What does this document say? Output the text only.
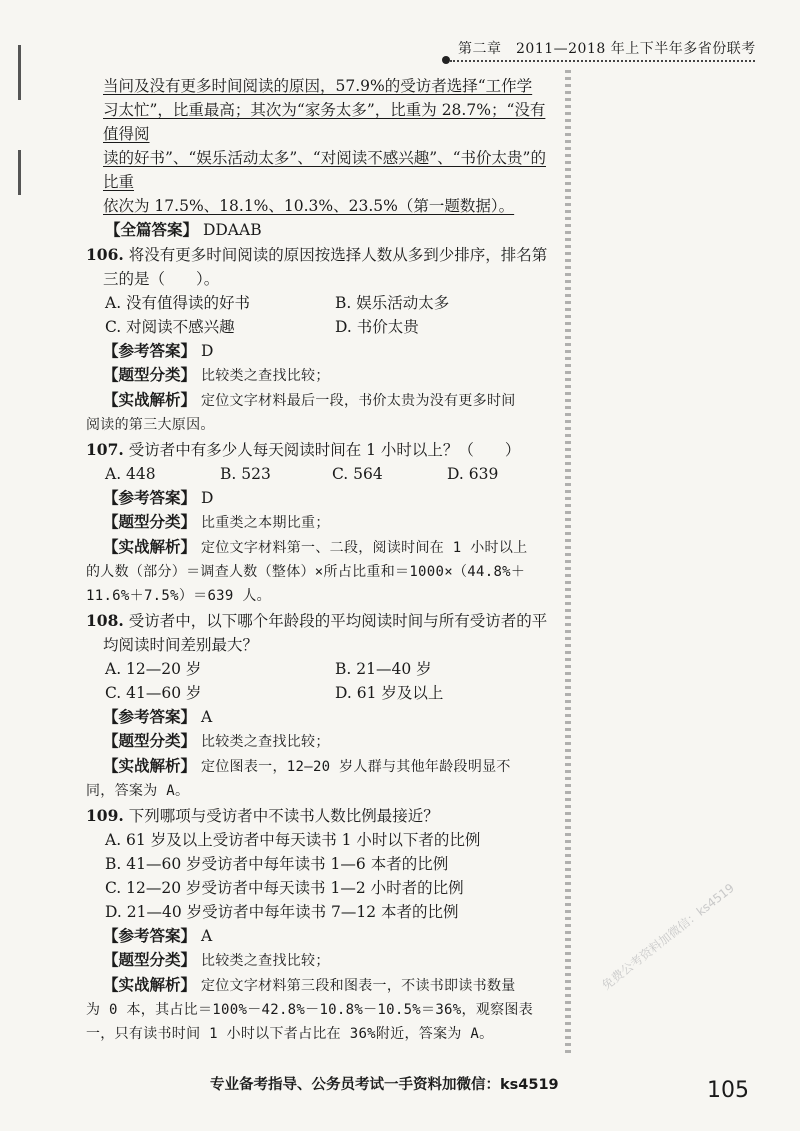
第二章　2011—2018 年上下半年多省份联考

当问及没有更多时间阅读的原因，57.9%的受访者选择“工作学

习太忙”，比重最高；其次为“家务太多”，比重为 28.7%；“没有值得阅

读的好书”、“娱乐活动太多”、“对阅读不感兴趣”、“书价太贵”的比重

依次为 17.5%、18.1%、10.3%、23.5%（第一题数据）。

【全篇答案】 DDAAB

106. 将没有更多时间阅读的原因按选择人数从多到少排序，排名第

三的是（　　）。

A. 没有值得读的好书	B. 娱乐活动太多
C. 对阅读不感兴趣	D. 书价太贵

【参考答案】 D

【题型分类】 比较类之查找比较；

【实战解析】 定位文字材料最后一段，书价太贵为没有更多时间

阅读的第三大原因。

107. 受访者中有多少人每天阅读时间在 1 小时以上？（　　）

A. 448	B. 523	C. 564	D. 639

【参考答案】 D

【题型分类】 比重类之本期比重；

【实战解析】 定位文字材料第一、二段，阅读时间在 1 小时以上

的人数（部分）＝调查人数（整体）×所占比重和＝1000×（44.8%＋

11.6%＋7.5%）＝639 人。

108. 受访者中，以下哪个年龄段的平均阅读时间与所有受访者的平

均阅读时间差别最大？

A. 12—20 岁	B. 21—40 岁
C. 41—60 岁	D. 61 岁及以上

【参考答案】 A

【题型分类】 比较类之查找比较；

【实战解析】 定位图表一，12—20 岁人群与其他年龄段明显不

同，答案为 A。

109. 下列哪项与受访者中不读书人数比例最接近？

A. 61 岁及以上受访者中每天读书 1 小时以下者的比例

B. 41—60 岁受访者中每年读书 1—6 本者的比例

C. 12—20 岁受访者中每天读书 1—2 小时者的比例

D. 21—40 岁受访者中每年读书 7—12 本者的比例

【参考答案】 A

【题型分类】 比较类之查找比较；

【实战解析】 定位文字材料第三段和图表一，不读书即读书数量

为 0 本，其占比＝100%－42.8%－10.8%－10.5%＝36%，观察图表

一，只有读书时间 1 小时以下者占比在 36%附近，答案为 A。

免费公考资料加微信：ks4519
专业备考指导、公务员考试一手资料加微信：ks4519	105
